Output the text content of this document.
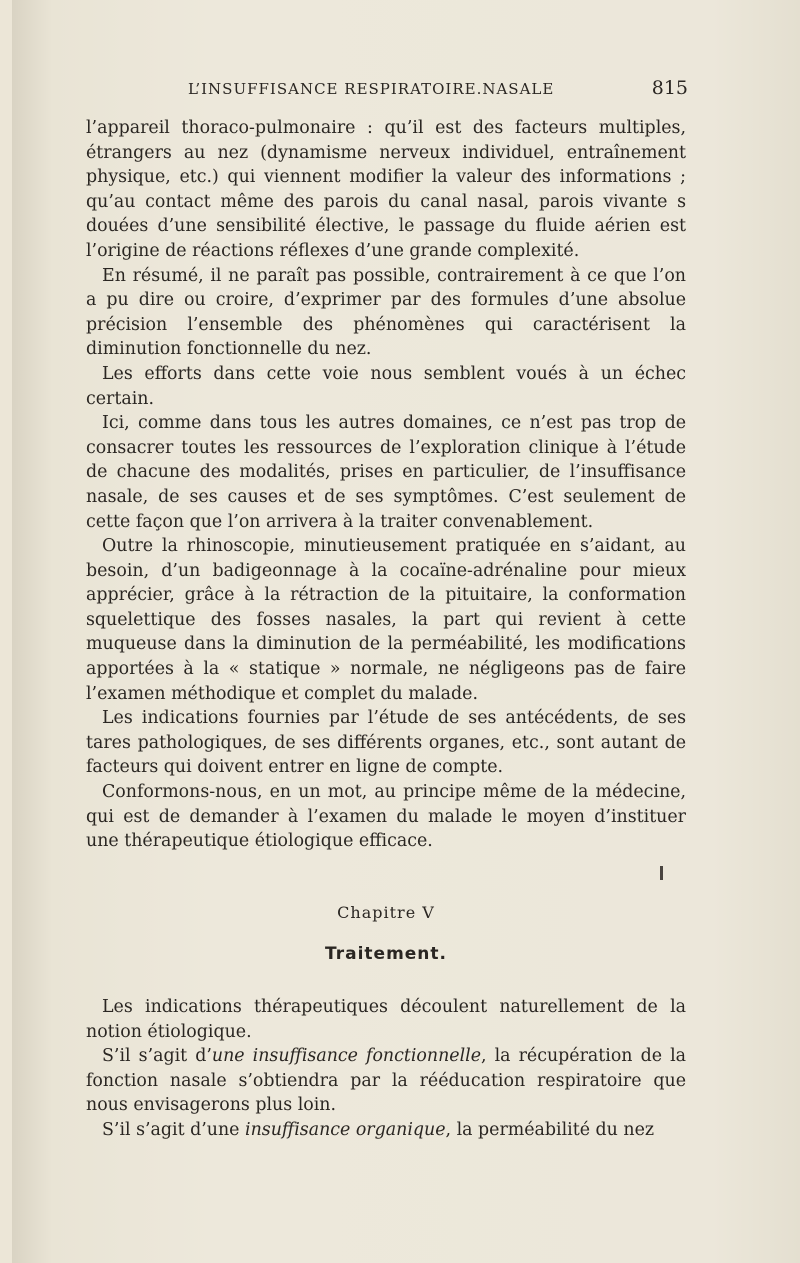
L’INSUFFISANCE RESPIRATOIRE.NASALE	815

l’appareil thoraco-pulmonaire : qu’il est des facteurs multiples, étrangers au nez (dynamisme nerveux individuel, entraînement physique, etc.) qui viennent modifier la valeur des informations ; qu’au contact même des parois du canal nasal, parois vivante s douées d’une sensibilité élective, le passage du fluide aérien est l’origine de réactions réflexes d’une grande complexité.

En résumé, il ne paraît pas possible, contrairement à ce que l’on a pu dire ou croire, d’exprimer par des formules d’une absolue précision l’ensemble des phénomènes qui caractérisent la diminution fonctionnelle du nez.

Les efforts dans cette voie nous semblent voués à un échec certain.

Ici, comme dans tous les autres domaines, ce n’est pas trop de consacrer toutes les ressources de l’exploration clinique à l’étude de chacune des modalités, prises en particulier, de l’insuffisance nasale, de ses causes et de ses symptômes. C’est seulement de cette façon que l’on arrivera à la traiter convenablement.

Outre la rhinoscopie, minutieusement pratiquée en s’aidant, au besoin, d’un badigeonnage à la cocaïne-adrénaline pour mieux apprécier, grâce à la rétraction de la pituitaire, la conformation squelettique des fosses nasales, la part qui revient à cette muqueuse dans la diminution de la perméabilité, les modifications apportées à la « statique » normale, ne négligeons pas de faire l’examen méthodique et complet du malade.

Les indications fournies par l’étude de ses antécédents, de ses tares pathologiques, de ses différents organes, etc., sont autant de facteurs qui doivent entrer en ligne de compte.

Conformons-nous, en un mot, au principe même de la médecine, qui est de demander à l’examen du malade le moyen d’instituer une thérapeutique étiologique efficace.

Chapitre V
Traitement.

Les indications thérapeutiques découlent naturellement de la notion étiologique.

S’il s’agit d’une insuffisance fonctionnelle, la récupération de la fonction nasale s’obtiendra par la rééducation respiratoire que nous envisagerons plus loin.

S’il s’agit d’une insuffisance organique, la perméabilité du nez
